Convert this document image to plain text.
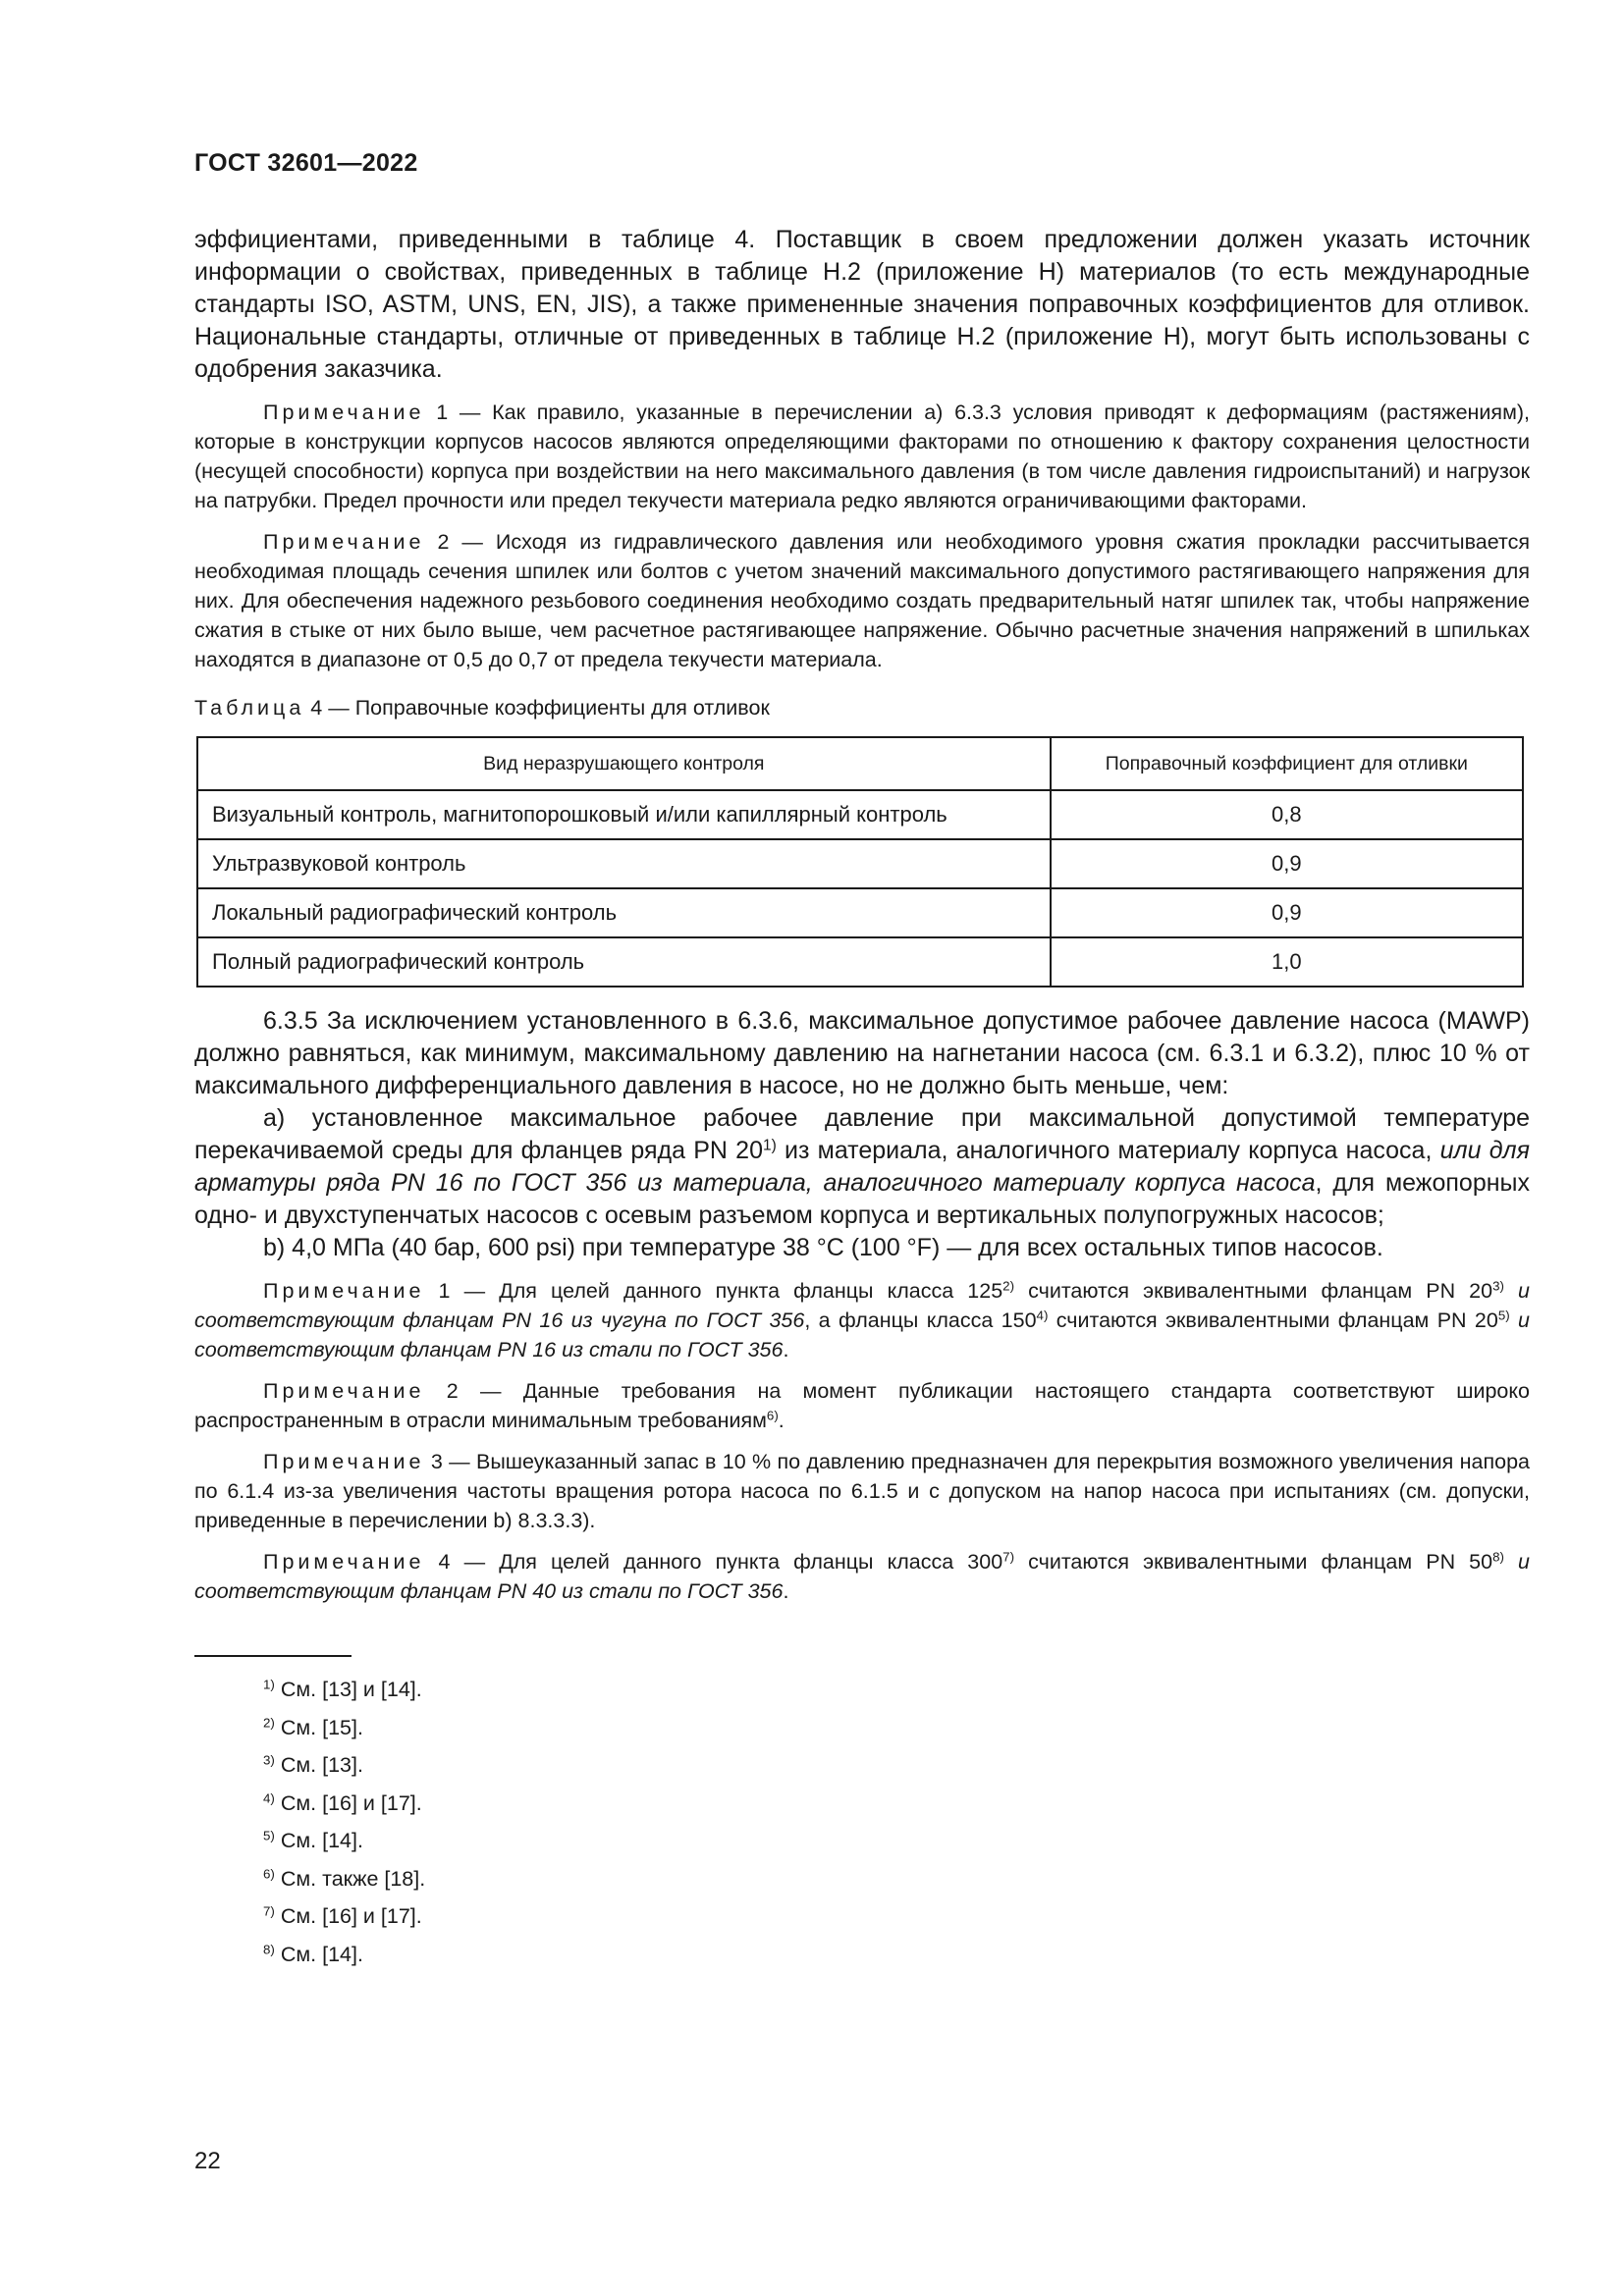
ГОСТ 32601—2022

эффициентами, приведенными в таблице 4. Поставщик в своем предложении должен указать источник информации о свойствах, приведенных в таблице Н.2 (приложение Н) материалов (то есть международные стандарты ISO, ASTM, UNS, EN, JIS), а также примененные значения поправочных коэффициентов для отливок. Национальные стандарты, отличные от приведенных в таблице Н.2 (приложение Н), могут быть использованы с одобрения заказчика.

Примечание 1 — Как правило, указанные в перечислении а) 6.3.3 условия приводят к деформациям (растяжениям), которые в конструкции корпусов насосов являются определяющими факторами по отношению к фактору сохранения целостности (несущей способности) корпуса при воздействии на него максимального давления (в том числе давления гидроиспытаний) и нагрузок на патрубки. Предел прочности или предел текучести материала редко являются ограничивающими факторами.

Примечание 2 — Исходя из гидравлического давления или необходимого уровня сжатия прокладки рассчитывается необходимая площадь сечения шпилек или болтов с учетом значений максимального допустимого растягивающего напряжения для них. Для обеспечения надежного резьбового соединения необходимо создать предварительный натяг шпилек так, чтобы напряжение сжатия в стыке от них было выше, чем расчетное растягивающее напряжение. Обычно расчетные значения напряжений в шпильках находятся в диапазоне от 0,5 до 0,7 от предела текучести материала.

Таблица 4 — Поправочные коэффициенты для отливок

Вид неразрушающего контроля	Поправочный коэффициент для отливки
Визуальный контроль, магнитопорошковый и/или капиллярный контроль	0,8
Ультразвуковой контроль	0,9
Локальный радиографический контроль	0,9
Полный радиографический контроль	1,0

6.3.5 За исключением установленного в 6.3.6, максимальное допустимое рабочее давление насоса (MAWP) должно равняться, как минимум, максимальному давлению на нагнетании насоса (см. 6.3.1 и 6.3.2), плюс 10 % от максимального дифференциального давления в насосе, но не должно быть меньше, чем:

а) установленное максимальное рабочее давление при максимальной допустимой температуре перекачиваемой среды для фланцев ряда PN 20$^{1)}$ из материала, аналогичного материалу корпуса насоса, или для арматуры ряда PN 16 по ГОСТ 356 из материала, аналогичного материалу корпуса насоса, для межопорных одно- и двухступенчатых насосов с осевым разъемом корпуса и вертикальных полупогружных насосов;

b) 4,0 МПа (40 бар, 600 psi) при температуре 38 °С (100 °F) — для всех остальных типов насосов.

Примечание 1 — Для целей данного пункта фланцы класса 125$^{2)}$ считаются эквивалентными фланцам PN 20$^{3)}$ и соответствующим фланцам PN 16 из чугуна по ГОСТ 356, а фланцы класса 150$^{4)}$ считаются эквивалентными фланцам PN 20$^{5)}$ и соответствующим фланцам PN 16 из стали по ГОСТ 356.

Примечание 2 — Данные требования на момент публикации настоящего стандарта соответствуют широко распространенным в отрасли минимальным требованиям$^{6)}$.

Примечание 3 — Вышеуказанный запас в 10 % по давлению предназначен для перекрытия возможного увеличения напора по 6.1.4 из-за увеличения частоты вращения ротора насоса по 6.1.5 и с допуском на напор насоса при испытаниях (см. допуски, приведенные в перечислении b) 8.3.3.3).

Примечание 4 — Для целей данного пункта фланцы класса 300$^{7)}$ считаются эквивалентными фланцам PN 50$^{8)}$ и соответствующим фланцам PN 40 из стали по ГОСТ 356.

$^{1)}$ См. [13] и [14].
$^{2)}$ См. [15].
$^{3)}$ См. [13].
$^{4)}$ См. [16] и [17].
$^{5)}$ См. [14].
$^{6)}$ См. также [18].
$^{7)}$ См. [16] и [17].
$^{8)}$ См. [14].
22
